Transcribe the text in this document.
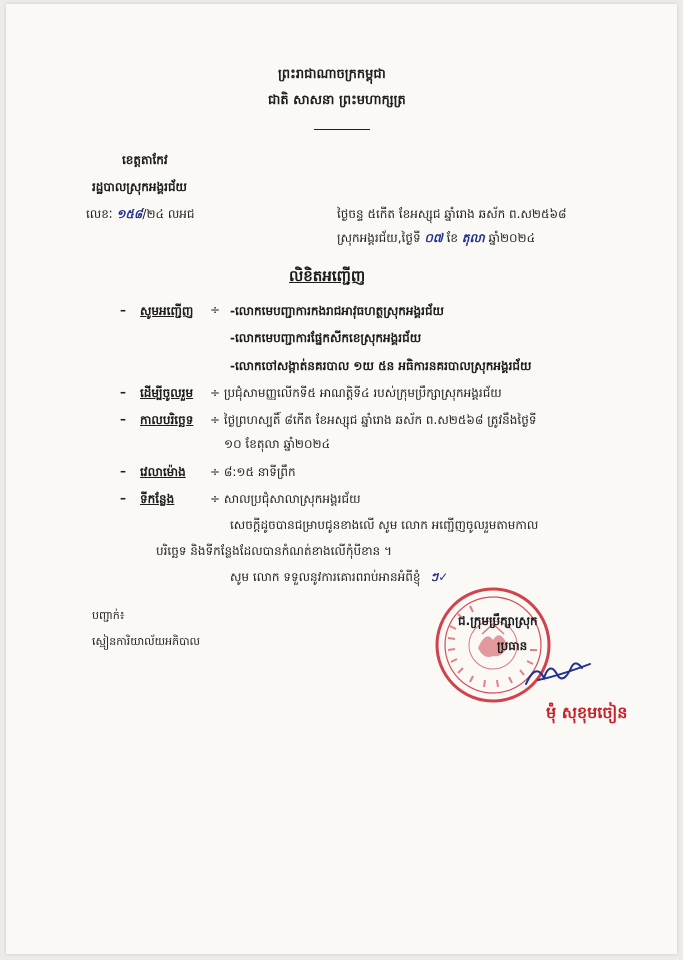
ព្រះរាជាណាចក្រកម្ពុជា
ជាតិ សាសនា ព្រះមហាក្សត្រ
ខេត្តតាកែវ
រដ្ឋបាលស្រុកអង្គរជ័យ
លេខៈ ១៥៨/២៤ លអជ	ថ្ងៃចន្ទ ៥កើត ខែអស្សុជ ឆ្នាំរោង ឆស័ក ព.ស២៥៦៨
ស្រុកអង្គរជ័យ,ថ្ងៃទី ០៧ ខែ តុលា ឆ្នាំ២០២៤
លិខិតអញ្ជើញ
– សូមអញ្ជើញ ÷ -លោកមេបញ្ជាការកងរាជអាវុធហត្ថស្រុកអង្គរជ័យ
-លោកមេបញ្ជាការផ្នែកសីកខេស្រុកអង្គរជ័យ
-លោកចៅសង្កាត់នគរបាល ១យ ៥ន អធិការនគរបាលស្រុកអង្គរជ័យ
– ដើម្បីចូលរួម ÷ ប្រជុំសាមញ្ញលើកទី៥ អាណត្តិទី៤ របស់ក្រុមប្រឹក្សាស្រុកអង្គរជ័យ
– កាលបរិច្ឆេទ ÷ ថ្ងៃព្រហស្បតិ៍ ៨កើត ខែអស្សុជ ឆ្នាំរោង ឆស័ក ព.ស២៥៦៨ ត្រូវនឹងថ្ងៃទី
១០ ខែតុលា ឆ្នាំ២០២៤
– វេលាម៉ោង ÷ ៨:១៥ នាទីព្រឹក
– ទីកន្លែង	÷ សាលប្រជុំសាលាស្រុកអង្គរជ័យ
សេចក្តីដូចបានជម្រាបជូនខាងលើ សូម លោក អញ្ជើញចូលរួមតាមកាល
បរិច្ឆេទ និងទីកន្លែងដែលបានកំណត់ខាងលើកុំបីខាន ។
សូម លោក ទទួលនូវការគោរពរាប់អានអំពីខ្ញុំ ៗ✓
បញ្ជាក់៖
ស្មៀនការិយាល័យអភិបាល
ជ.ក្រុមប្រឹក្សាស្រុក
ប្រធាន
ម៉ុំ សុខុមចៀន
